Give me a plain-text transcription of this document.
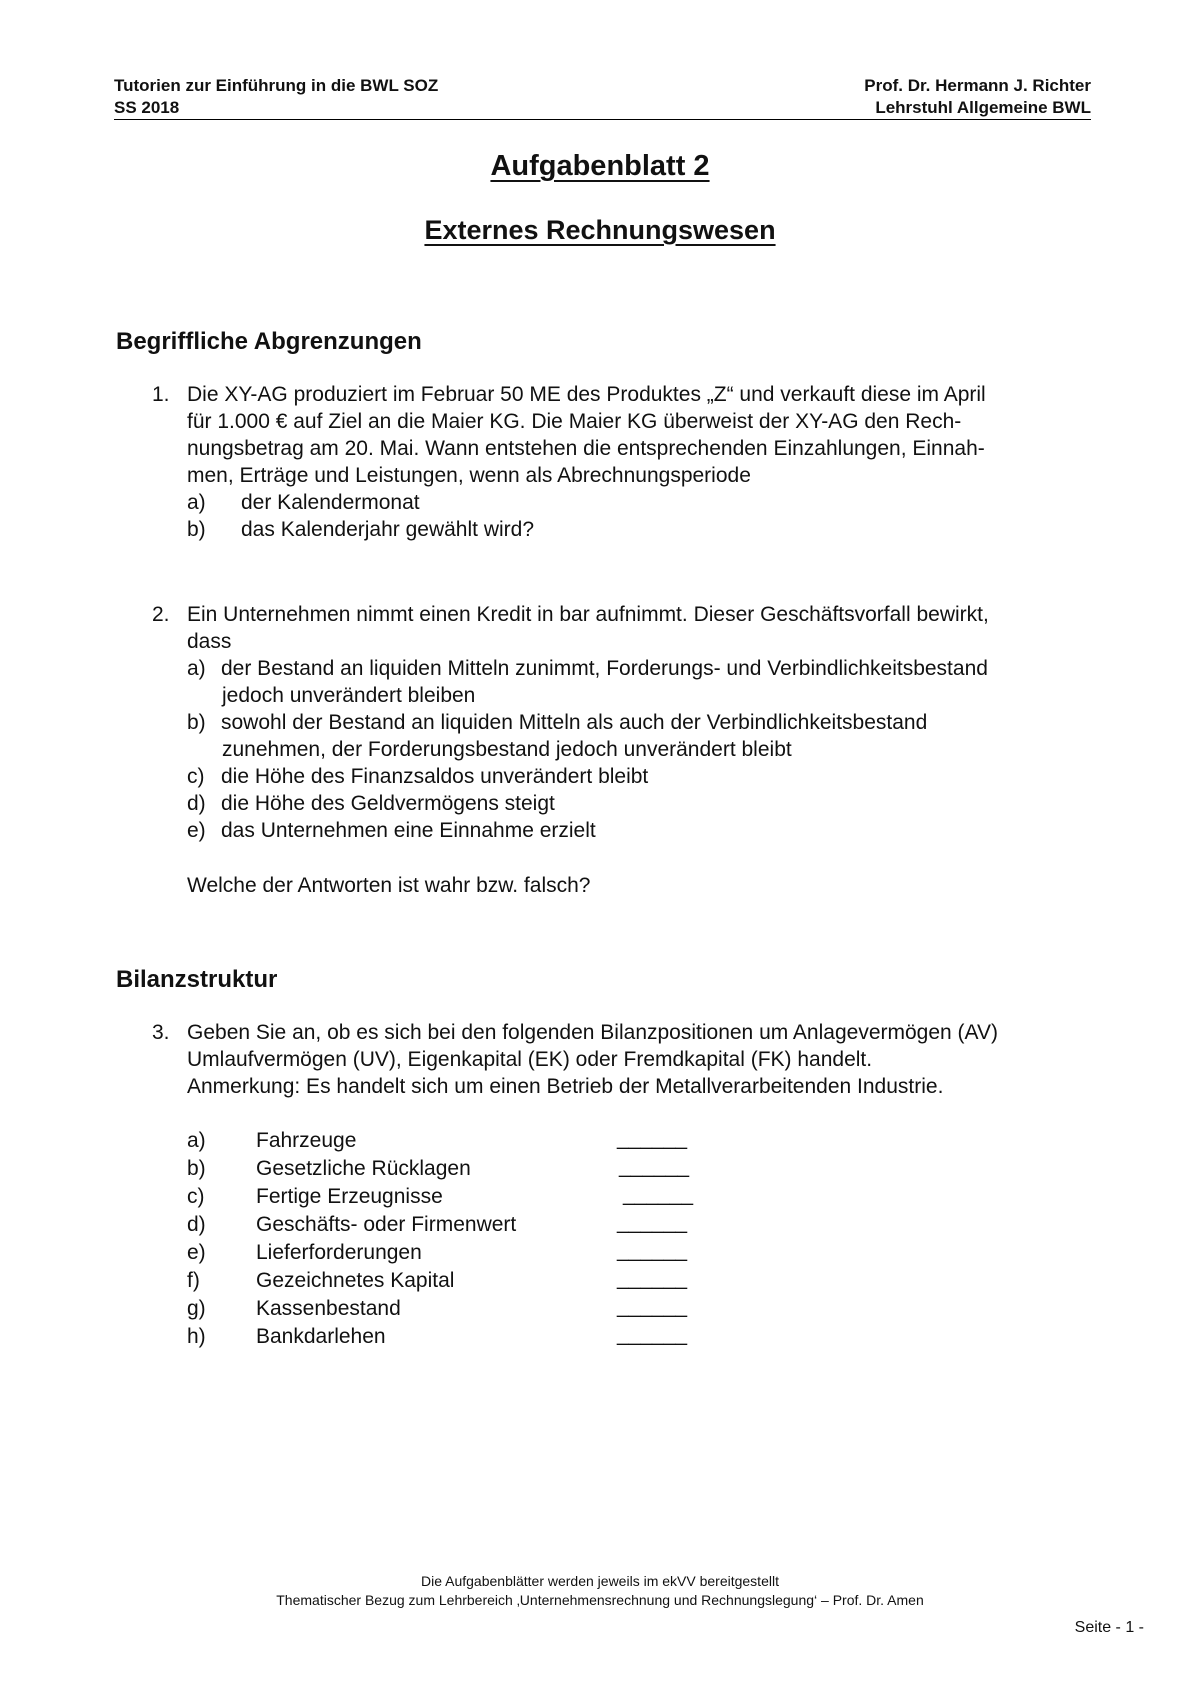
Tutorien zur Einführung in die BWL SOZ
SS 2018
Prof. Dr. Hermann J. Richter
Lehrstuhl Allgemeine BWL
Aufgabenblatt 2
Externes Rechnungswesen
Begriffliche Abgrenzungen
1. Die XY-AG produziert im Februar 50 ME des Produktes „Z“ und verkauft diese im April
für 1.000 € auf Ziel an die Maier KG. Die Maier KG überweist der XY-AG den Rech-
nungsbetrag am 20. Mai. Wann entstehen die entsprechenden Einzahlungen, Einnah-
men, Erträge und Leistungen, wenn als Abrechnungsperiode
a) der Kalendermonat
b) das Kalenderjahr gewählt wird?
2. Ein Unternehmen nimmt einen Kredit in bar aufnimmt. Dieser Geschäftsvorfall bewirkt,
dass
a) der Bestand an liquiden Mitteln zunimmt, Forderungs- und Verbindlichkeitsbestand
jedoch unverändert bleiben
b) sowohl der Bestand an liquiden Mitteln als auch der Verbindlichkeitsbestand
zunehmen, der Forderungsbestand jedoch unverändert bleibt
c) die Höhe des Finanzsaldos unverändert bleibt
d) die Höhe des Geldvermögens steigt
e) das Unternehmen eine Einnahme erzielt
Welche der Antworten ist wahr bzw. falsch?
Bilanzstruktur
3. Geben Sie an, ob es sich bei den folgenden Bilanzpositionen um Anlagevermögen (AV)
Umlaufvermögen (UV), Eigenkapital (EK) oder Fremdkapital (FK) handelt.
Anmerkung: Es handelt sich um einen Betrieb der Metallverarbeitenden Industrie.
a) Fahrzeuge	______
b) Gesetzliche Rücklagen	______
c) Fertige Erzeugnisse	______
d) Geschäfts- oder Firmenwert	______
e) Lieferforderungen	______
f)	Gezeichnetes Kapital	______
g) Kassenbestand	______
h) Bankdarlehen	______
Die Aufgabenblätter werden jeweils im ekVV bereitgestellt
Thematischer Bezug zum Lehrbereich ‚Unternehmensrechnung und Rechnungslegung‘ – Prof. Dr. Amen
Seite - 1 -
